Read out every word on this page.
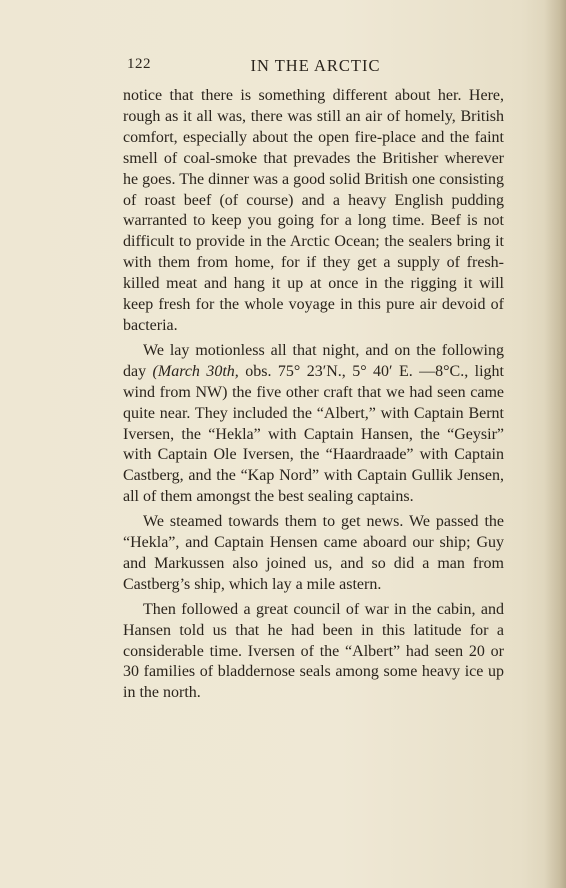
122	IN THE ARCTIC

notice that there is something different about her. Here, rough as it all was, there was still an air of homely, British comfort, especially about the open fire-place and the faint smell of coal-smoke that prevades the Britisher wherever he goes. The dinner was a good solid British one consisting of roast beef (of course) and a heavy English pudding warranted to keep you going for a long time. Beef is not difficult to provide in the Arctic Ocean; the sealers bring it with them from home, for if they get a supply of fresh-killed meat and hang it up at once in the rigging it will keep fresh for the whole voyage in this pure air devoid of bacteria.

We lay motionless all that night, and on the following day (March 30th, obs. 75° 23′N., 5° 40′ E. —8°C., light wind from NW) the five other craft that we had seen came quite near. They included the “Albert,” with Captain Bernt Iversen, the “Hekla” with Captain Hansen, the “Geysir” with Captain Ole Iversen, the “Haardraade” with Captain Castberg, and the “Kap Nord” with Captain Gullik Jensen, all of them amongst the best sealing captains.

We steamed towards them to get news. We passed the “Hekla”, and Captain Hensen came aboard our ship; Guy and Markussen also joined us, and so did a man from Castberg’s ship, which lay a mile astern.

Then followed a great council of war in the cabin, and Hansen told us that he had been in this latitude for a considerable time. Iversen of the “Albert” had seen 20 or 30 families of bladdernose seals among some heavy ice up in the north.
